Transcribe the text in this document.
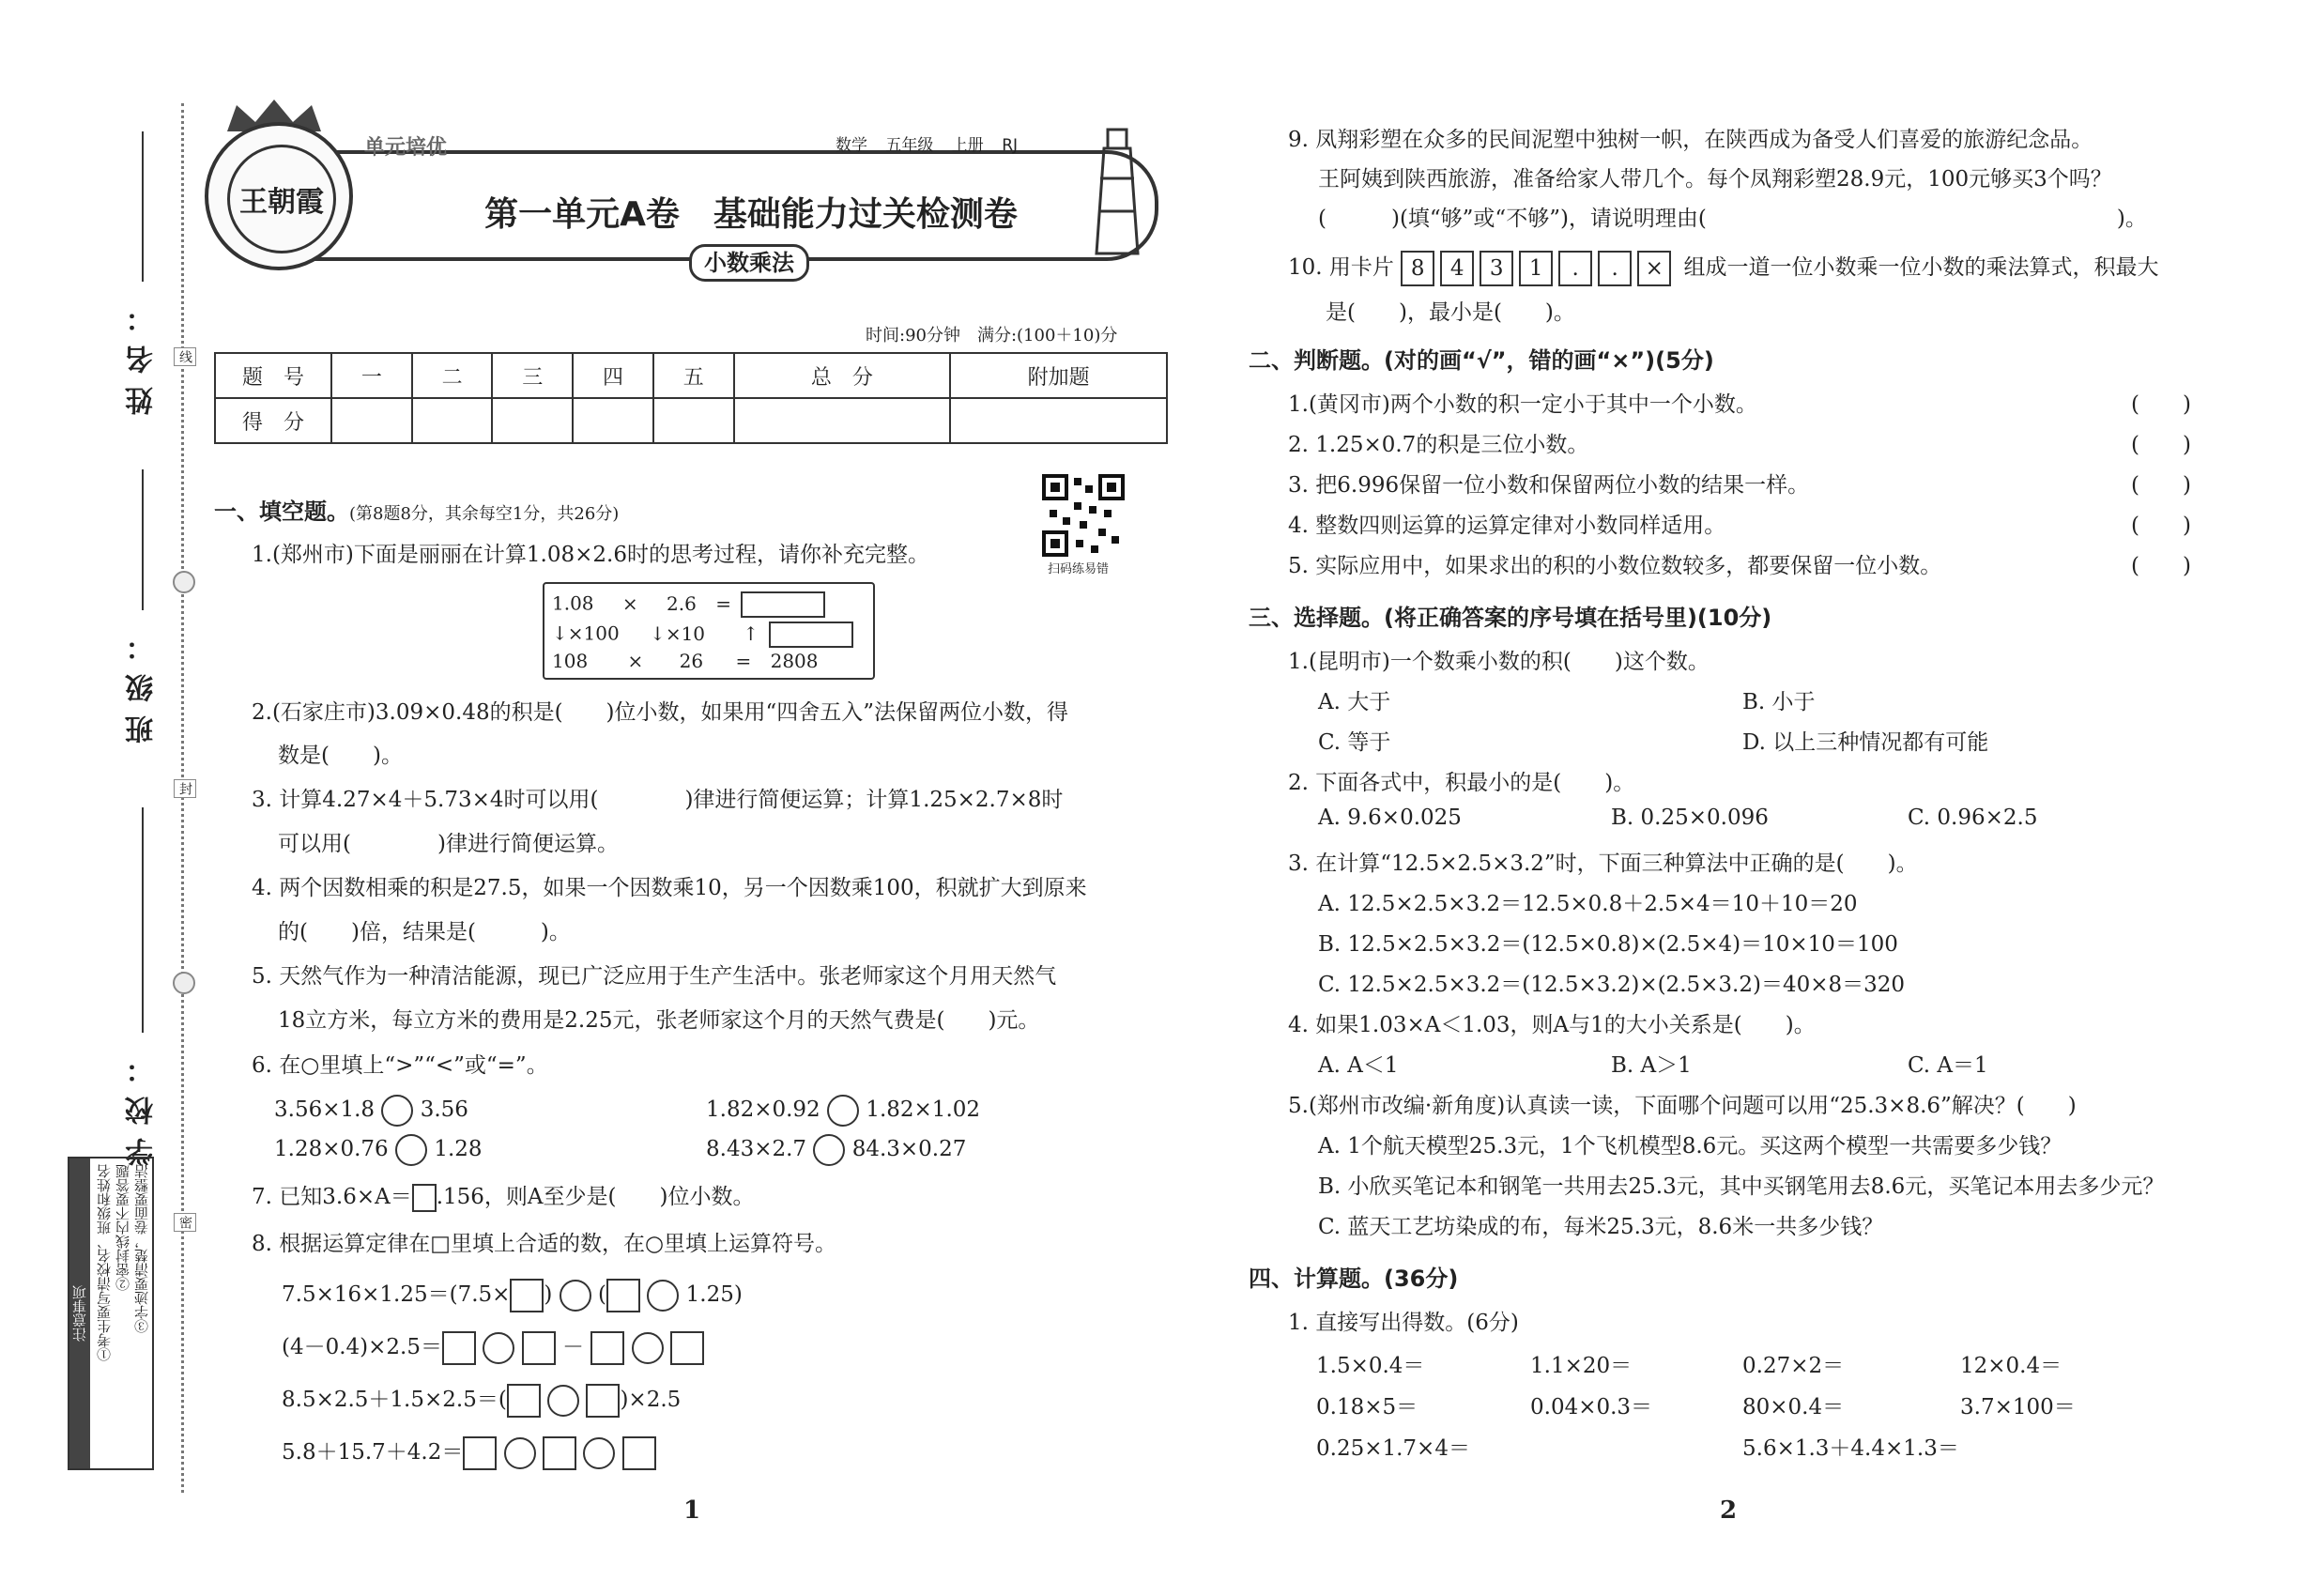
姓名：
班级：
学校：
线
封
密
注意事项 ①考生要写清校名、班级和姓名 ②密封线内不要答题 ③字迹要清楚，卷面要整洁
王朝霞
单元培优	数学 五年级 上册 RJ
第一单元A卷　基础能力过关检测卷
小数乘法
时间:90分钟　满分:(100＋10)分
题　号	一	二	三	四	五	总　分	附加题
得　分							
扫码练易错
一、填空题。(第8题8分，其余每空1分，共26分)
1.(郑州市)下面是丽丽在计算1.08×2.6时的思考过程，请你补充完整。
1.08 × 2.6 =
↓×100 ↓×10 ↑
108 × 26 = 2808
2.(石家庄市)3.09×0.48的积是(　　)位小数，如果用“四舍五入”法保留两位小数，得
数是(　　)。
3. 计算4.27×4＋5.73×4时可以用(　　　　)律进行简便运算；计算1.25×2.7×8时
可以用(　　　　)律进行简便运算。
4. 两个因数相乘的积是27.5，如果一个因数乘10，另一个因数乘100，积就扩大到原来
的(　　)倍，结果是(　　　)。
5. 天然气作为一种清洁能源，现已广泛应用于生产生活中。张老师家这个月用天然气
18立方米，每立方米的费用是2.25元，张老师家这个月的天然气费是(　　)元。
6. 在○里填上“>”“<”或“=”。
3.56×1.8 3.56	1.82×0.92 1.82×1.02
1.28×0.76 1.28	8.43×2.7 84.3×0.27
7. 已知3.6×A＝ .156，则A至少是(　　)位小数。
8. 根据运算定律在□里填上合适的数，在○里填上运算符号。
7.5×16×1.25＝(7.5× )  (	1.25)
(4－0.4)×2.5＝	－
8.5×2.5＋1.5×2.5＝(	)×2.5
5.8＋15.7＋4.2＝
1
9. 凤翔彩塑在众多的民间泥塑中独树一帜，在陕西成为备受人们喜爱的旅游纪念品。
王阿姨到陕西旅游，准备给家人带几个。每个凤翔彩塑28.9元，100元够买3个吗？
(　　　)(填“够”或“不够”)，请说明理由(　　　　　　　　　　　　　　　　　　　)。
10. 用卡片 8 4 3 1 . . × 组成一道一位小数乘一位小数的乘法算式，积最大
是(　　)，最小是(　　)。
二、判断题。(对的画“√”，错的画“×”)(5分)
1.(黄冈市)两个小数的积一定小于其中一个小数。	(　　)
2. 1.25×0.7的积是三位小数。	(　　)
3. 把6.996保留一位小数和保留两位小数的结果一样。	(　　)
4. 整数四则运算的运算定律对小数同样适用。	(　　)
5. 实际应用中，如果求出的积的小数位数较多，都要保留一位小数。	(　　)
三、选择题。(将正确答案的序号填在括号里)(10分)
1.(昆明市)一个数乘小数的积(　　)这个数。
A. 大于	B. 小于
C. 等于	D. 以上三种情况都有可能
2. 下面各式中，积最小的是(　　)。
A. 9.6×0.025	B. 0.25×0.096	C. 0.96×2.5
3. 在计算“12.5×2.5×3.2”时，下面三种算法中正确的是(　　)。
A. 12.5×2.5×3.2＝12.5×0.8＋2.5×4＝10＋10＝20
B. 12.5×2.5×3.2＝(12.5×0.8)×(2.5×4)＝10×10＝100
C. 12.5×2.5×3.2＝(12.5×3.2)×(2.5×3.2)＝40×8＝320
4. 如果1.03×A＜1.03，则A与1的大小关系是(　　)。
A. A＜1	B. A＞1	C. A＝1
5.(郑州市改编·新角度)认真读一读，下面哪个问题可以用“25.3×8.6”解决？(　　)
A. 1个航天模型25.3元，1个飞机模型8.6元。买这两个模型一共需要多少钱？
B. 小欣买笔记本和钢笔一共用去25.3元，其中买钢笔用去8.6元，买笔记本用去多少元？
C. 蓝天工艺坊染成的布，每米25.3元，8.6米一共多少钱？
四、计算题。(36分)
1. 直接写出得数。(6分)
1.5×0.4＝	1.1×20＝	0.27×2＝	12×0.4＝
0.18×5＝	0.04×0.3＝	80×0.4＝	3.7×100＝
0.25×1.7×4＝	5.6×1.3＋4.4×1.3＝
2
